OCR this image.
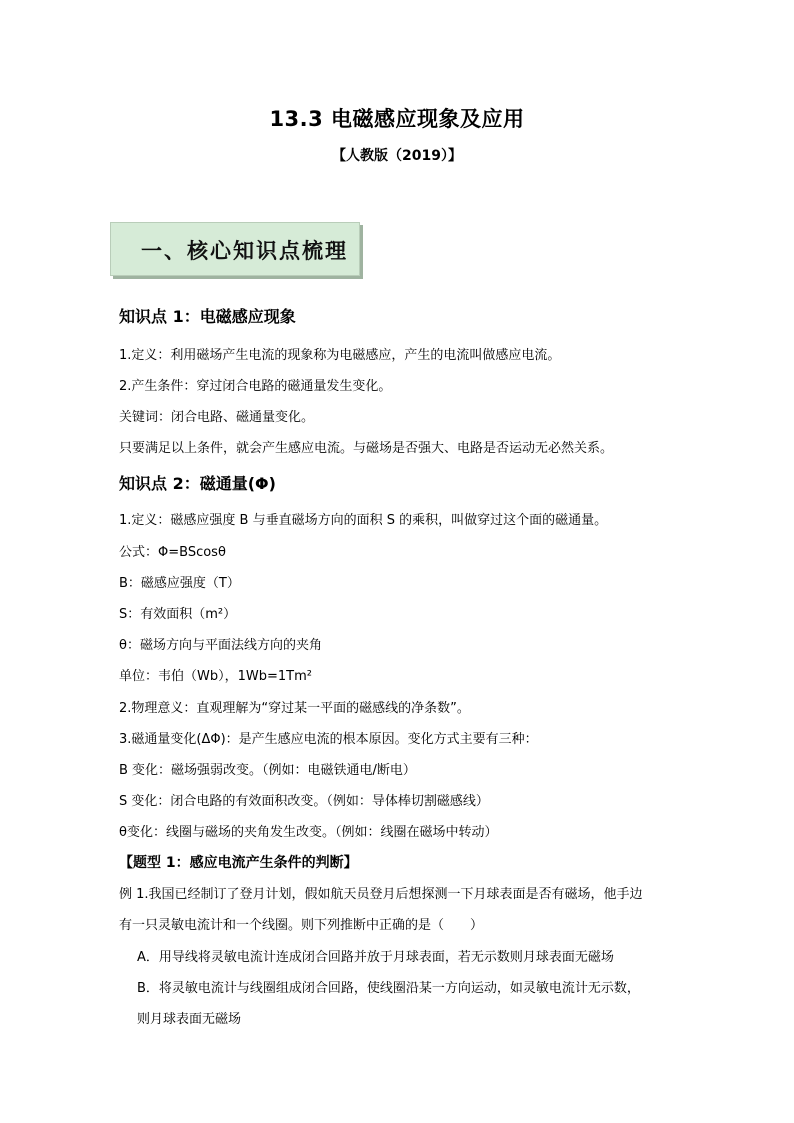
13.3 电磁感应现象及应用
【人教版（2019）】
一、核心知识点梳理
知识点 1：电磁感应现象
1.定义：利用磁场产生电流的现象称为电磁感应，产生的电流叫做感应电流。
2.产生条件：穿过闭合电路的磁通量发生变化。
关键词：闭合电路、磁通量变化。
只要满足以上条件，就会产生感应电流。与磁场是否强大、电路是否运动无必然关系。
知识点 2：磁通量(Φ)
1.定义：磁感应强度 B 与垂直磁场方向的面积 S 的乘积，叫做穿过这个面的磁通量。
公式：Φ=BScosθ
B：磁感应强度（T）
S：有效面积（m²）
θ：磁场方向与平面法线方向的夹角
单位：韦伯（Wb），1Wb=1Tm²
2.物理意义：直观理解为“穿过某一平面的磁感线的净条数”。
3.磁通量变化(ΔΦ)：是产生感应电流的根本原因。变化方式主要有三种：
B 变化：磁场强弱改变。（例如：电磁铁通电/断电）
S 变化：闭合电路的有效面积改变。（例如：导体棒切割磁感线）
θ变化：线圈与磁场的夹角发生改变。（例如：线圈在磁场中转动）
【题型 1：感应电流产生条件的判断】
例 1.我国已经制订了登月计划，假如航天员登月后想探测一下月球表面是否有磁场，他手边
有一只灵敏电流计和一个线圈。则下列推断中正确的是（　　）
A．用导线将灵敏电流计连成闭合回路并放于月球表面，若无示数则月球表面无磁场
B．将灵敏电流计与线圈组成闭合回路，使线圈沿某一方向运动，如灵敏电流计无示数，
则月球表面无磁场
